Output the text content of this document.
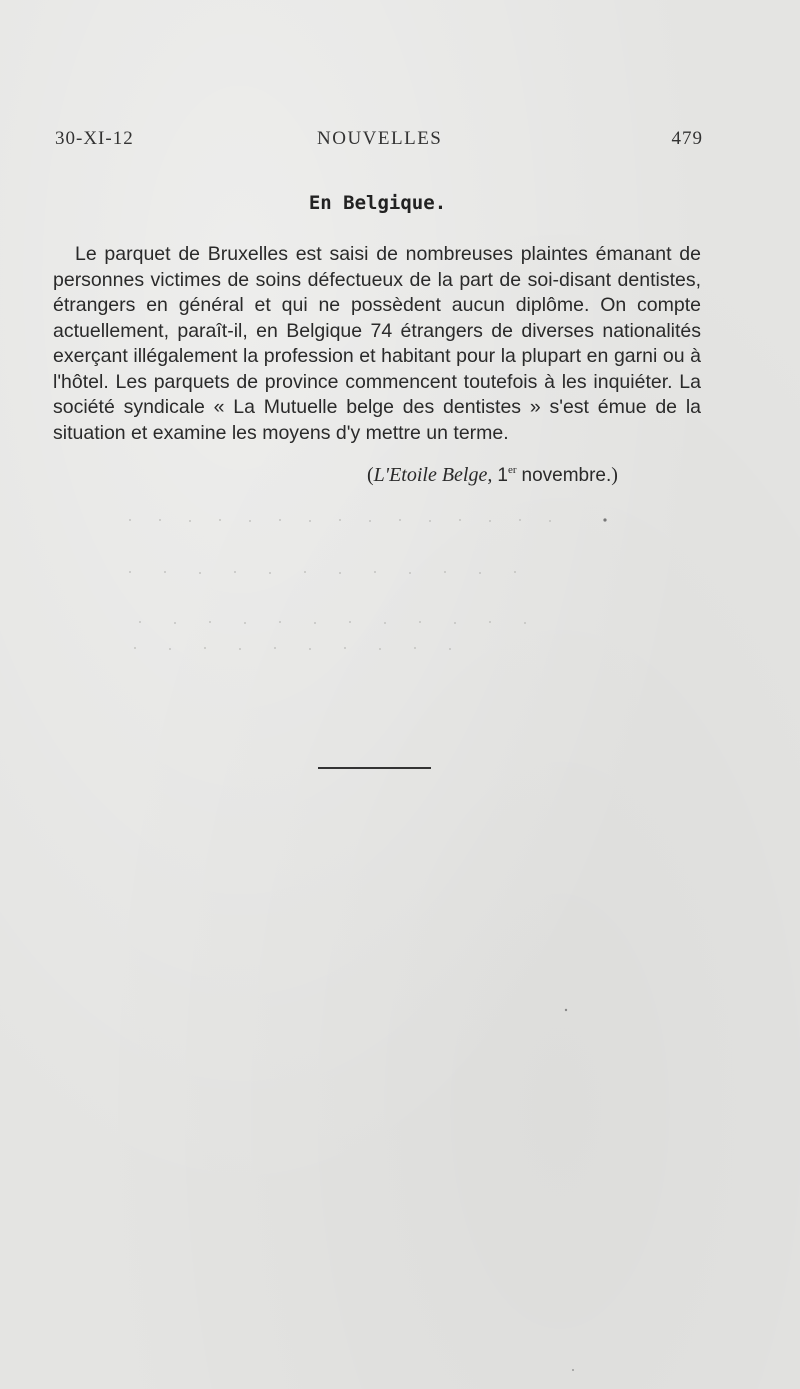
30-XI-12	NOUVELLES	479
En Belgique.

Le parquet de Bruxelles est saisi de nombreuses plaintes émanant de personnes victimes de soins défectueux de la part de soi-disant dentistes, étrangers en général et qui ne possèdent aucun diplôme. On compte actuellement, paraît-il, en Belgique 74 étrangers de diverses nationalités exerçant illégalement la profession et habitant pour la plupart en garni ou à l'hôtel. Les parquets de province commencent toutefois à les inquiéter. La société syndicale « La Mutuelle belge des dentistes » s'est émue de la situation et examine les moyens d'y mettre un terme.

(L'Etoile Belge, 1er novembre.)
